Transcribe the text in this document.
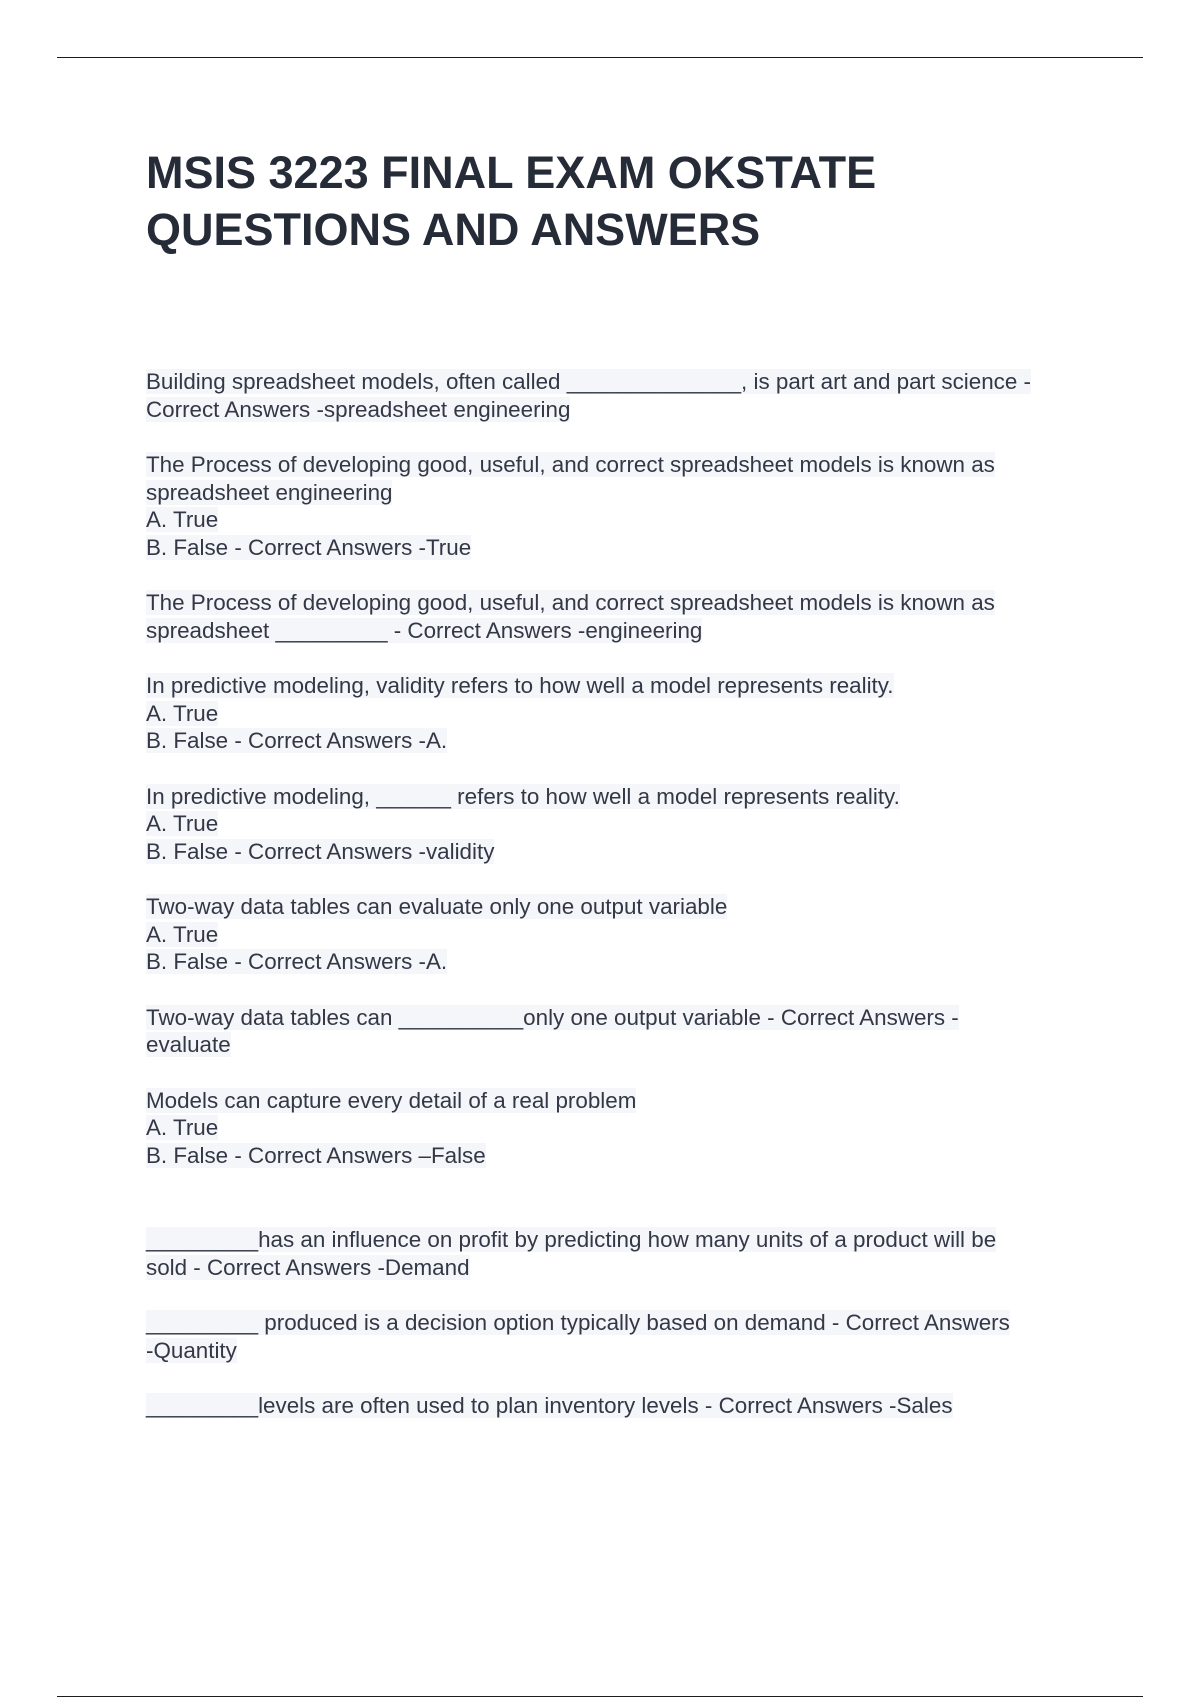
MSIS 3223 FINAL EXAM OKSTATE
QUESTIONS AND ANSWERS

Building spreadsheet models, often called ______________, is part art and part science -
Correct Answers -spreadsheet engineering

The Process of developing good, useful, and correct spreadsheet models is known as
spreadsheet engineering
A. True
B. False - Correct Answers -True

The Process of developing good, useful, and correct spreadsheet models is known as
spreadsheet _________ - Correct Answers -engineering

In predictive modeling, validity refers to how well a model represents reality.
A. True
B. False - Correct Answers -A.

In predictive modeling, ______ refers to how well a model represents reality.
A. True
B. False - Correct Answers -validity

Two-way data tables can evaluate only one output variable
A. True
B. False - Correct Answers -A.

Two-way data tables can __________only one output variable - Correct Answers -
evaluate

Models can capture every detail of a real problem
A. True
B. False - Correct Answers –False

_________has an influence on profit by predicting how many units of a product will be
sold - Correct Answers -Demand

_________ produced is a decision option typically based on demand - Correct Answers
-Quantity

_________levels are often used to plan inventory levels - Correct Answers -Sales
